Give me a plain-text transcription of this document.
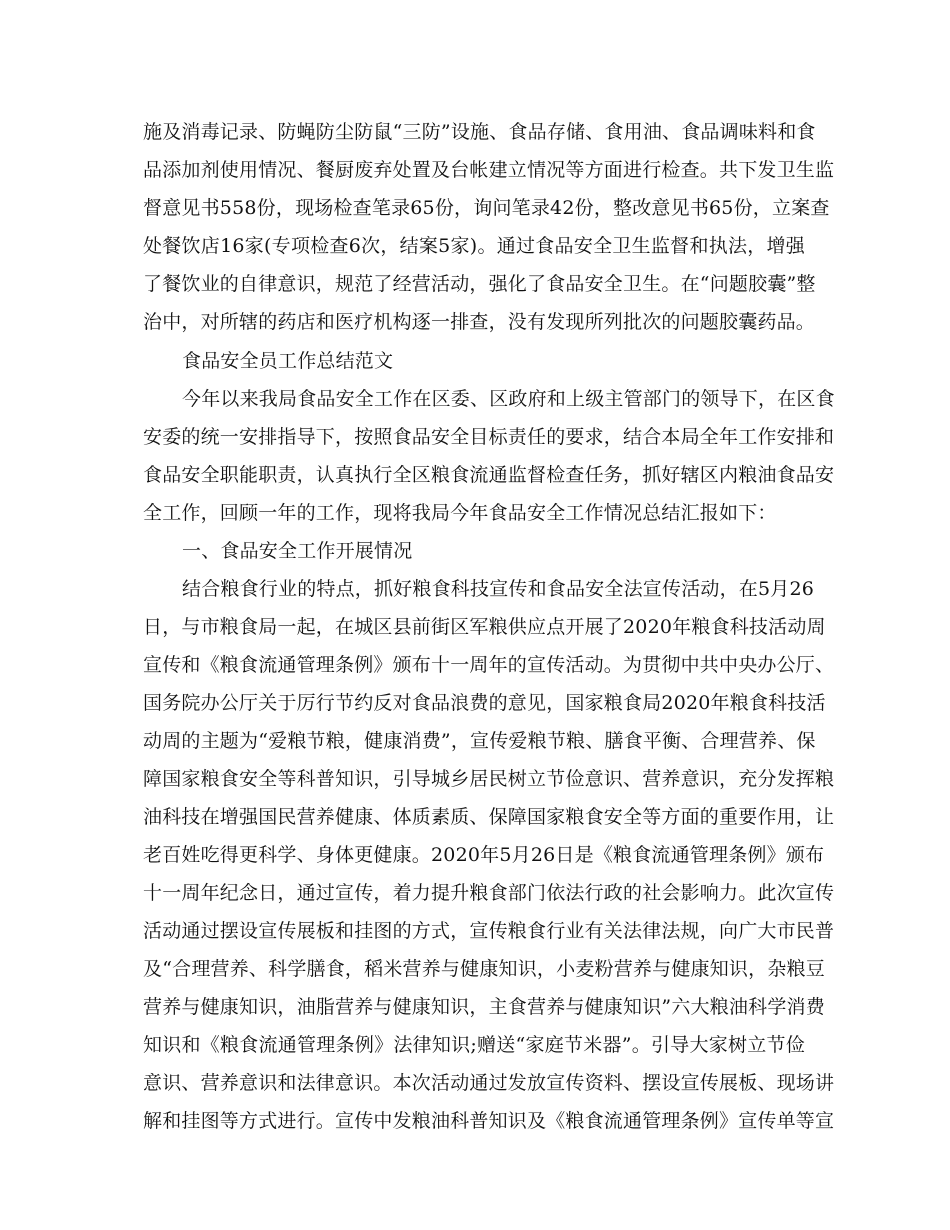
施及消毒记录、防蝇防尘防鼠“三防”设施、食品存储、食用油、食品调味料和食
品添加剂使用情况、餐厨废弃处置及台帐建立情况等方面进行检查。共下发卫生监
督意见书558份，现场检查笔录65份，询问笔录42份，整改意见书65份，立案查
处餐饮店16家(专项检查6次，结案5家)。通过食品安全卫生监督和执法，增强
了餐饮业的自律意识，规范了经营活动，强化了食品安全卫生。在“问题胶囊”整
治中，对所辖的药店和医疗机构逐一排查，没有发现所列批次的问题胶囊药品。
食品安全员工作总结范文
今年以来我局食品安全工作在区委、区政府和上级主管部门的领导下，在区食
安委的统一安排指导下，按照食品安全目标责任的要求，结合本局全年工作安排和
食品安全职能职责，认真执行全区粮食流通监督检查任务，抓好辖区内粮油食品安
全工作，回顾一年的工作，现将我局今年食品安全工作情况总结汇报如下：
一、食品安全工作开展情况
结合粮食行业的特点，抓好粮食科技宣传和食品安全法宣传活动，在5月26
日，与市粮食局一起，在城区县前街区军粮供应点开展了2020年粮食科技活动周
宣传和《粮食流通管理条例》颁布十一周年的宣传活动。为贯彻中共中央办公厅、
国务院办公厅关于厉行节约反对食品浪费的意见，国家粮食局2020年粮食科技活
动周的主题为“爱粮节粮，健康消费”，宣传爱粮节粮、膳食平衡、合理营养、保
障国家粮食安全等科普知识，引导城乡居民树立节俭意识、营养意识，充分发挥粮
油科技在增强国民营养健康、体质素质、保障国家粮食安全等方面的重要作用，让
老百姓吃得更科学、身体更健康。2020年5月26日是《粮食流通管理条例》颁布
十一周年纪念日，通过宣传，着力提升粮食部门依法行政的社会影响力。此次宣传
活动通过摆设宣传展板和挂图的方式，宣传粮食行业有关法律法规，向广大市民普
及“合理营养、科学膳食，稻米营养与健康知识，小麦粉营养与健康知识，杂粮豆
营养与健康知识，油脂营养与健康知识，主食营养与健康知识”六大粮油科学消费
知识和《粮食流通管理条例》法律知识;赠送“家庭节米器”。引导大家树立节俭
意识、营养意识和法律意识。本次活动通过发放宣传资料、摆设宣传展板、现场讲
解和挂图等方式进行。宣传中发粮油科普知识及《粮食流通管理条例》宣传单等宣
